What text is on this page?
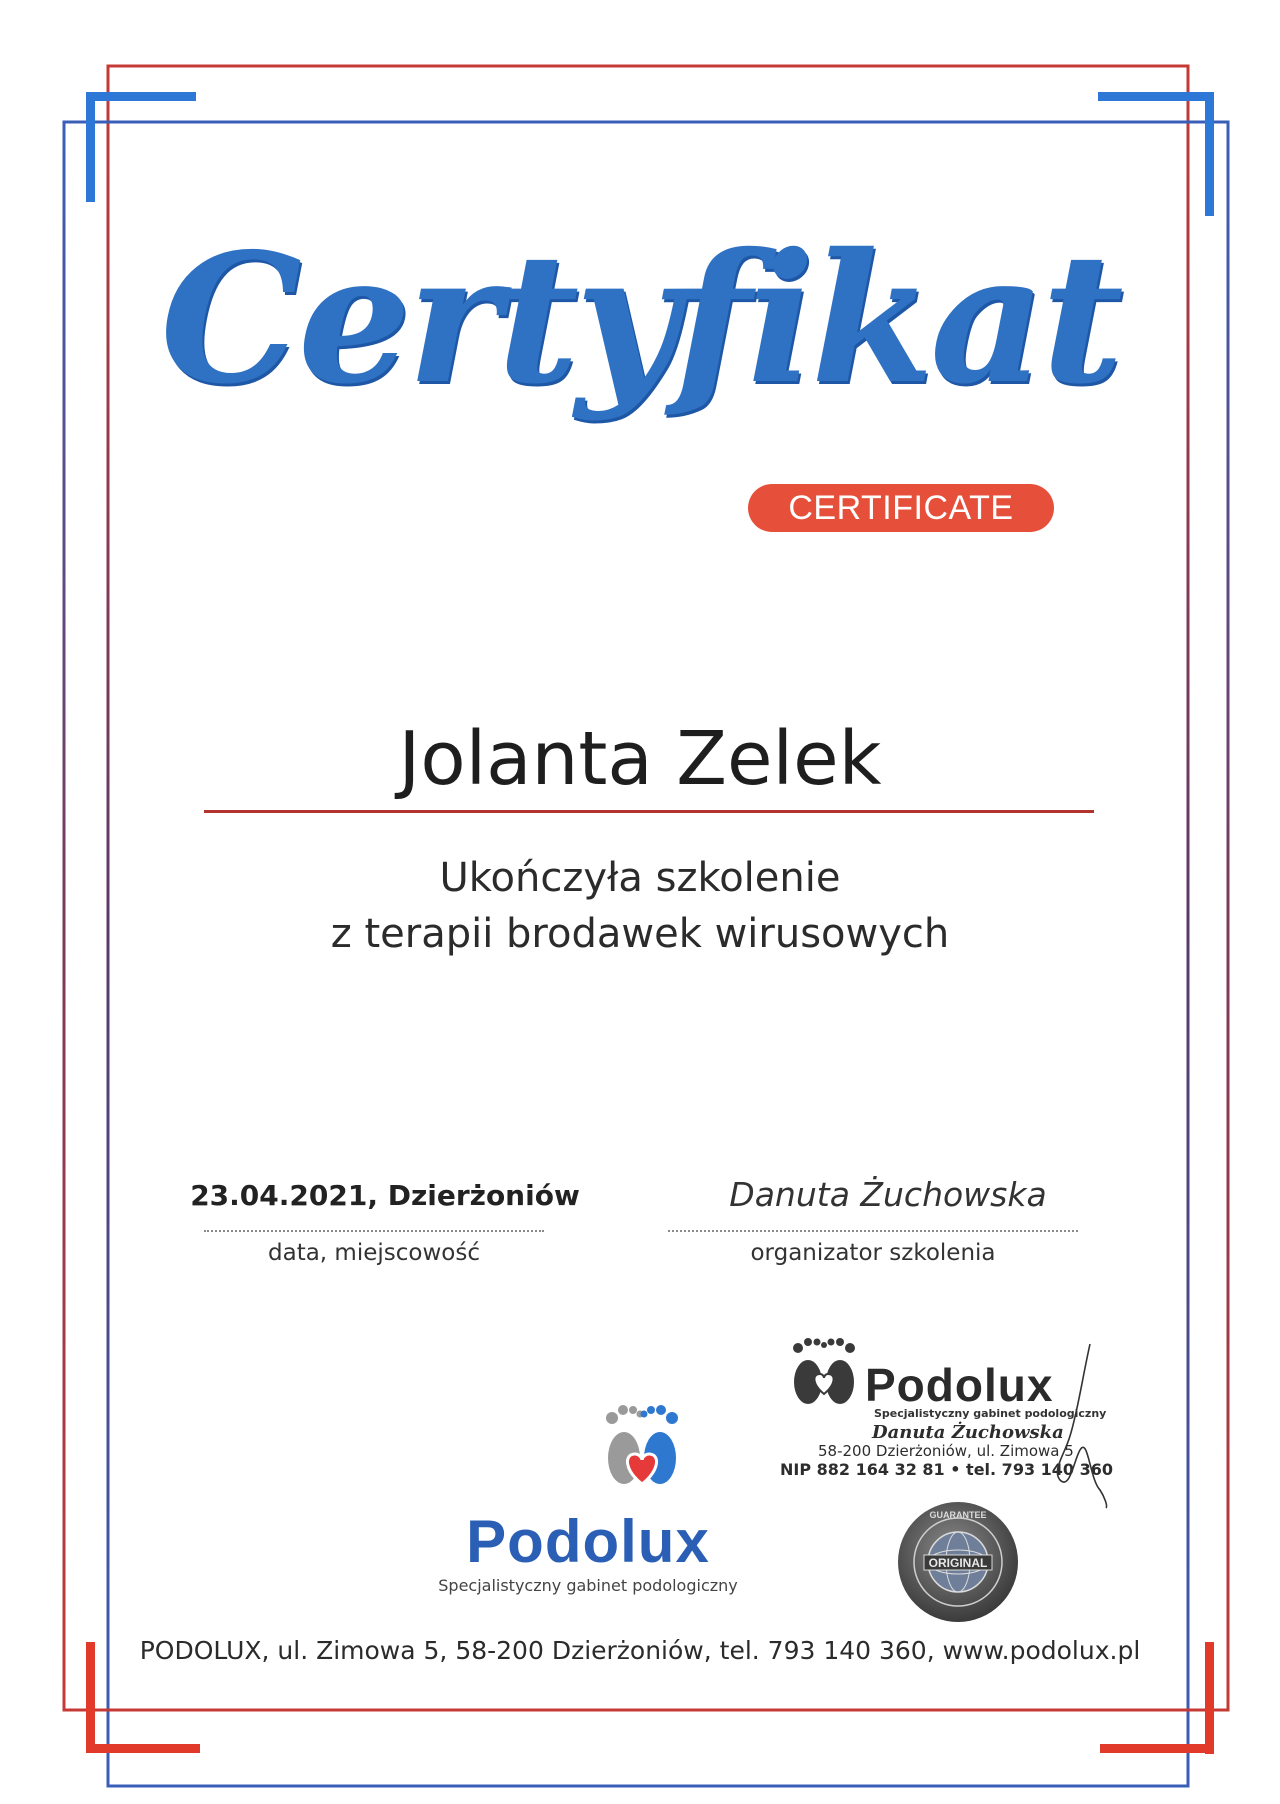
Certyfikat
CERTIFICATE
Jolanta Zelek
Ukończyła szkolenie
z terapii brodawek wirusowych
23.04.2021, Dzierżoniów	Danuta Żuchowska
data, miejscowość	organizator szkolenia
Podolux
Specjalistyczny gabinet podologiczny
Danuta Żuchowska
58-200 Dzierżoniów, ul. Zimowa 5
NIP 882 164 32 81 • tel. 793 140 360
Podolux
Specjalistyczny gabinet podologiczny
ORIGINAL
GUARANTEE
PODOLUX, ul. Zimowa 5, 58-200 Dzierżoniów, tel. 793 140 360, www.podolux.pl
